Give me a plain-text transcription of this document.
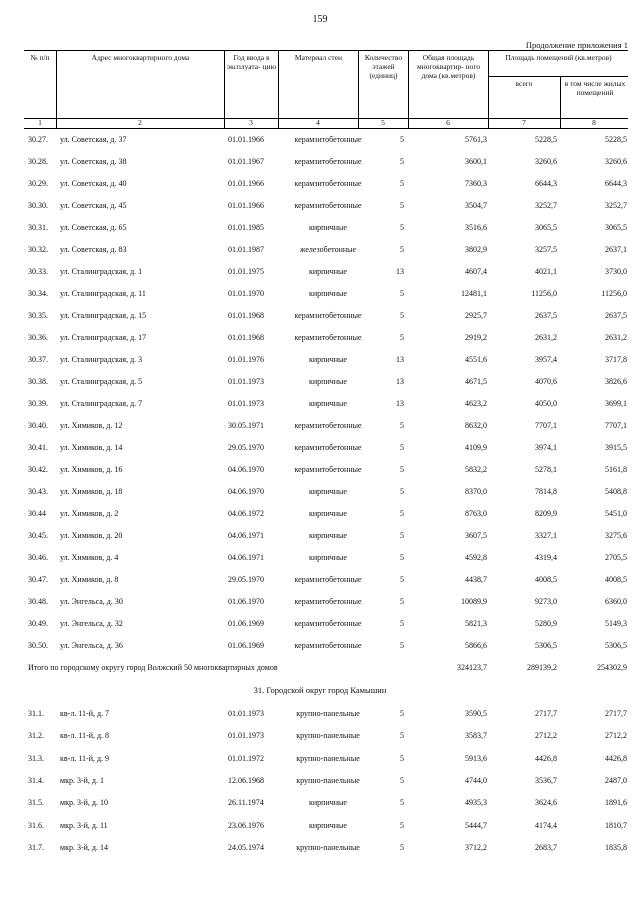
159
Продолжение приложения 1
№ п/п	Адрес многоквартирного дома	Год ввода в эксплуата- цию
Материал стен	Количество этажей (единиц)
Общая площадь многоквартир- ного дома (кв.метров)
Площадь помещений (кв.метров)
всего	в том числе жилых помещений
1	2	3	4	5	6	7	8
30.27. ул. Советская, д. 37	01.01.1966	керамзитобетонные	5	5761,3	5228,5	5228,5
30.28. ул. Советская, д. 38	01.01.1967	керамзитобетонные	5	3600,1	3260,6	3260,6
30.29. ул. Советская, д. 40	01.01.1966	керамзитобетонные	5	7360,3	6644,3	6644,3
30.30. ул. Советская, д. 45	01.01.1966	керамзитобетонные	5	3504,7	3252,7	3252,7
30.31. ул. Советская, д. 65	01.01.1985	кирпичные	5	3516,6	3065,5	3065,5
30.32. ул. Советская, д. 83	01.01.1987	железобетонные	5	3802,9	3257,5	2637,1
30.33. ул. Сталинградская, д. 1	01.01.1975	кирпичные	13	4607,4	4021,1	3730,0
30.34. ул. Сталинградская, д. 11	01.01.1970	кирпичные	5	12481,1	11256,0	11256,0
30.35. ул. Сталинградская, д. 15	01.01.1968	керамзитобетонные	5	2925,7	2637,5	2637,5
30.36. ул. Сталинградская, д. 17	01.01.1968	керамзитобетонные	5	2919,2	2631,2	2631,2
30.37. ул. Сталинградская, д. 3	01.01.1976	кирпичные	13	4551,6	3957,4	3717,8
30.38. ул. Сталинградская, д. 5	01.01.1973	кирпичные	13	4671,5	4070,6	3826,6
30.39. ул. Сталинградская, д. 7	01.01.1973	кирпичные	13	4623,2	4050,0	3699,1
30.40. ул. Химиков, д. 12	30.05.1971	керамзитобетонные	5	8632,0	7707,1	7707,1
30.41. ул. Химиков, д. 14	29.05.1970	керамзитобетонные	5	4109,9	3974,1	3915,5
30.42. ул. Химиков, д. 16	04.06.1970	керамзитобетонные	5	5832,2	5278,1	5161,8
30.43. ул. Химиков, д. 18	04.06.1970	кирпичные	5	8370,0	7814,8	5408,8
30.44 ул. Химиков, д. 2	04.06.1972	кирпичные	5	8763,0	8209,9	5451,0
30.45. ул. Химиков, д. 20	04.06.1971	кирпичные	5	3607,5	3327,1	3275,6
30.46. ул. Химиков, д. 4	04.06.1971	кирпичные	5	4592,8	4319,4	2705,5
30.47. ул. Химиков, д. 8	29.05.1970	керамзитобетонные	5	4438,7	4008,5	4008,5
30.48. ул. Энгельса, д. 30	01.06.1970	керамзитобетонные	5	10089,9	9273,0	6360,0
30.49. ул. Энгельса, д. 32	01.06.1969	керамзитобетонные	5	5821,3	5280,9	5149,3
30.50. ул. Энгельса, д. 36	01.06.1969	керамзитобетонные	5	5866,6	5306,5	5306,5
Итого по городскому округу город Волжский 50 многоквартирных домов	324123,7	289139,2	254302,9
31. Городской округ город Камышин
31.1. кв-л. 11-й, д. 7	01.01.1973	крупно-панельные	5	3590,5	2717,7	2717,7
31.2. кв-л. 11-й, д. 8	01.01.1973	крупно-панельные	5	3583,7	2712,2	2712,2
31.3. кв-л. 11-й, д. 9	01.01.1972	крупно-панельные	5	5913,6	4426,8	4426,8
31.4. мкр. 3-й, д. 1	12.06.1968	крупно-панельные	5	4744,0	3536,7	2487,0
31.5. мкр. 3-й, д. 10	26.11.1974	кирпичные	5	4935,3	3624,6	1891,6
31.6. мкр. 3-й, д. 11	23.06.1976	кирпичные	5	5444,7	4174,4	1810,7
31.7. мкр. 3-й, д. 14	24.05.1974	крупно-панельные	5	3712,2	2683,7	1835,8
